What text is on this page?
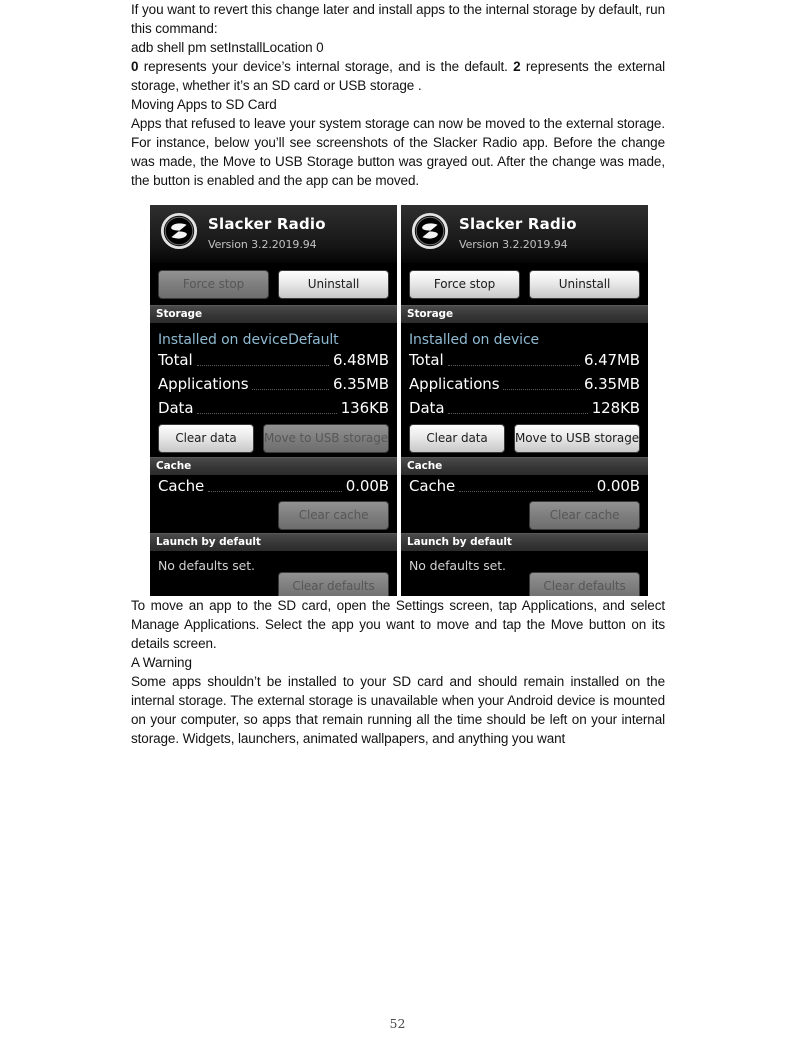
If you want to revert this change later and install apps to the internal storage by default, run this command:

adb shell pm setInstallLocation 0

0 represents your device’s internal storage, and is the default. 2 represents the external storage, whether it’s an SD card or USB storage .

Moving Apps to SD Card

Apps that refused to leave your system storage can now be moved to the external storage. For instance, below you’ll see screenshots of the Slacker Radio app. Before the change was made, the Move to USB Storage button was grayed out. After the change was made, the button is enabled and the app can be moved.

Slacker Radio
Version 3.2.2019.94
Force stop	Uninstall
Storage
Installed on deviceDefault
Total	6.48MB
Applications	6.35MB
Data	136KB
Clear data	Move to USB storage
Cache
Cache	0.00B
Clear cache
Launch by default
No defaults set.
Clear defaults
Slacker Radio
Version 3.2.2019.94
Force stop	Uninstall
Storage
Installed on device
Total	6.47MB
Applications	6.35MB
Data	128KB
Clear data	Move to USB storage
Cache
Cache	0.00B
Clear cache
Launch by default
No defaults set.
Clear defaults

To move an app to the SD card, open the Settings screen, tap Applications, and select Manage Applications. Select the app you want to move and tap the Move button on its details screen.

A Warning

Some apps shouldn’t be installed to your SD card and should remain installed on the internal storage. The external storage is unavailable when your Android device is mounted on your computer, so apps that remain running all the time should be left on your internal storage. Widgets, launchers, animated wallpapers, and anything you want

52
